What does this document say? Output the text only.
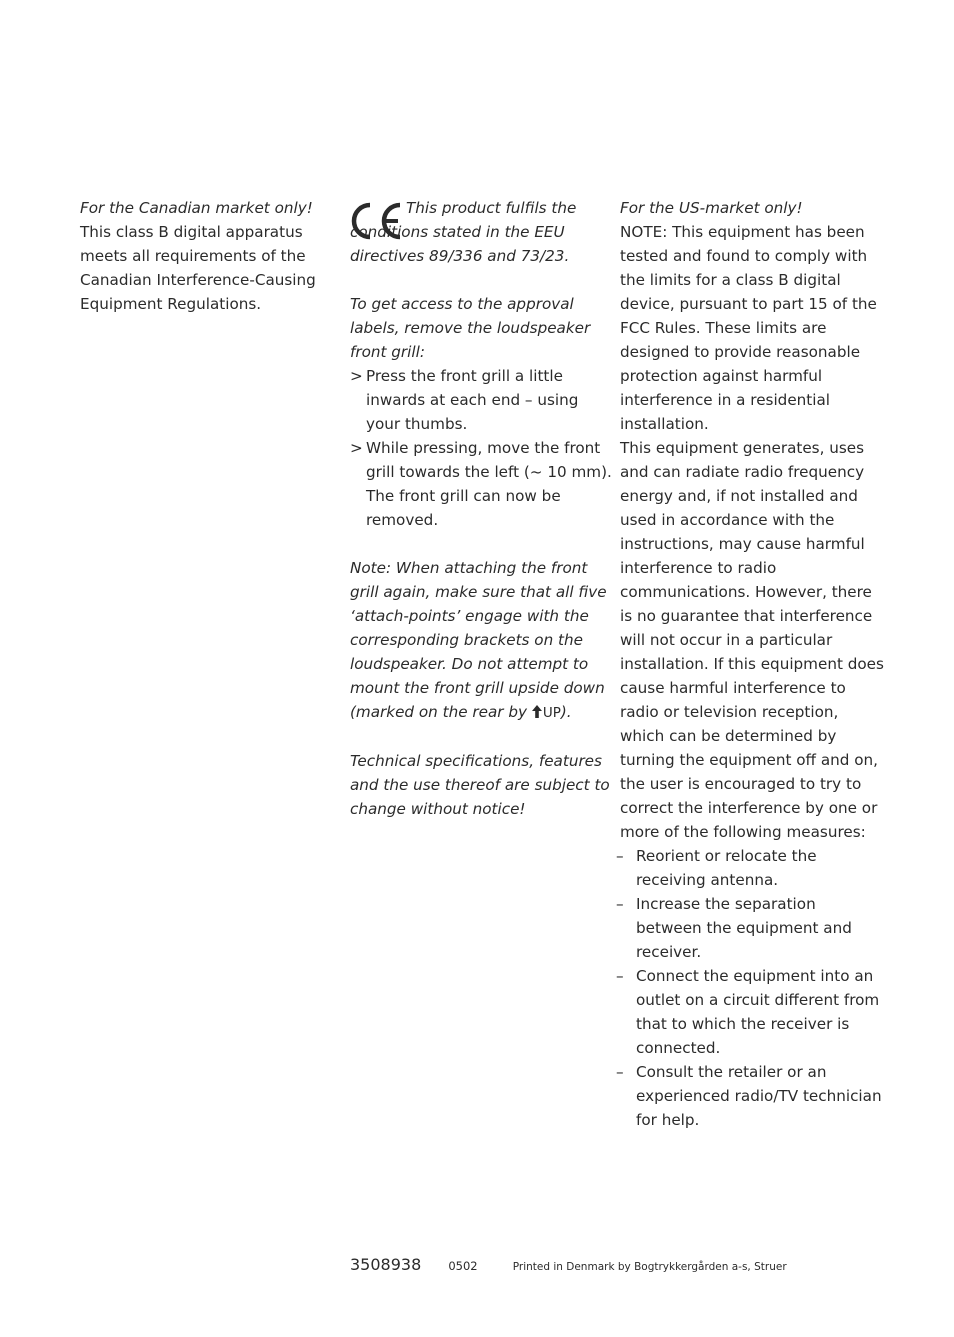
For the Canadian market only!

This class B digital apparatus meets all requirements of the Canadian Interference-Causing Equipment Regulations.

This product fulfils the conditions stated in the EEU directives 89/336 and 73/23.

To get access to the approval labels, remove the loudspeaker front grill:

> Press the front grill a little inwards at each end – using your thumbs.
> While pressing, move the front grill towards the left (~ 10 mm). The front grill can now be removed.

Note: When attaching the front grill again, make sure that all five ‘attach-points’ engage with the corresponding brackets on the loudspeaker. Do not attempt to mount the front grill upside down (marked on the rear by UP).

Technical specifications, features and the use thereof are subject to change without notice!

For the US-market only!

NOTE: This equipment has been tested and found to comply with the limits for a class B digital device, pursuant to part 15 of the FCC Rules. These limits are designed to provide reasonable protection against harmful interference in a residential installation.

This equipment generates, uses and can radiate radio frequency energy and, if not installed and used in accordance with the instructions, may cause harmful interference to radio communications. However, there is no guarantee that interference will not occur in a particular installation. If this equipment does cause harmful interference to radio or television reception, which can be determined by turning the equipment off and on, the user is encouraged to try to correct the interference by one or more of the following measures:

– Reorient or relocate the receiving antenna.
– Increase the separation between the equipment and receiver.
– Connect the equipment into an outlet on a circuit different from that to which the receiver is connected.
– Consult the retailer or an experienced radio/TV technician for help.
3508938 0502	Printed in Denmark by Bogtrykkergården a-s, Struer
